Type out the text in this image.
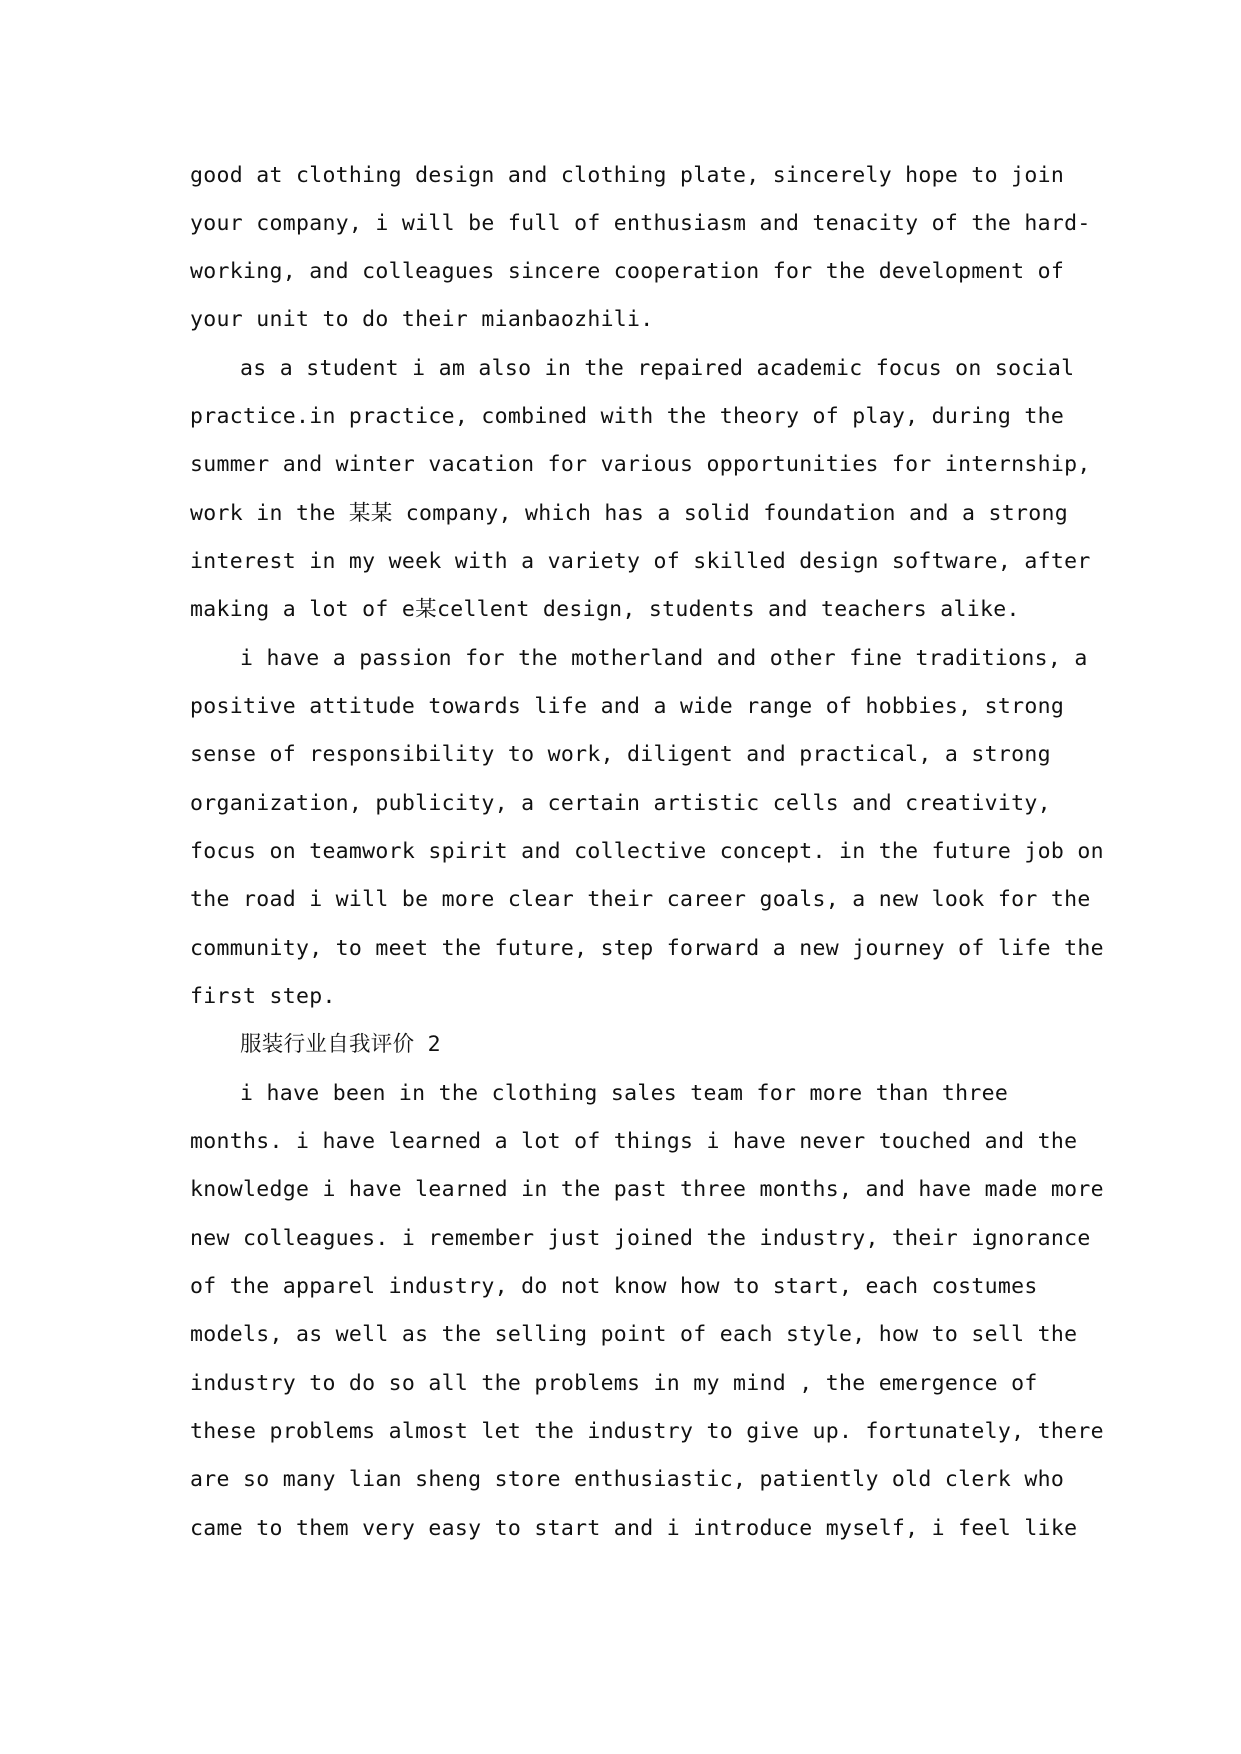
good at clothing design and clothing plate, sincerely hope to join
your company, i will be full of enthusiasm and tenacity of the hard-
working, and colleagues sincere cooperation for the development of
your unit to do their mianbaozhili.
as a student i am also in the repaired academic focus on social
practice.in practice, combined with the theory of play, during the
summer and winter vacation for various opportunities for internship,
work in the 某某 company, which has a solid foundation and a strong
interest in my week with a variety of skilled design software, after
making a lot of e某cellent design, students and teachers alike.
i have a passion for the motherland and other fine traditions, a
positive attitude towards life and a wide range of hobbies, strong
sense of responsibility to work, diligent and practical, a strong
organization, publicity, a certain artistic cells and creativity,
focus on teamwork spirit and collective concept. in the future job on
the road i will be more clear their career goals, a new look for the
community, to meet the future, step forward a new journey of life the
first step.
服装行业自我评价 2
i have been in the clothing sales team for more than three
months. i have learned a lot of things i have never touched and the
knowledge i have learned in the past three months, and have made more
new colleagues. i remember just joined the industry, their ignorance
of the apparel industry, do not know how to start, each costumes
models, as well as the selling point of each style, how to sell the
industry to do so all the problems in my mind , the emergence of
these problems almost let the industry to give up. fortunately, there
are so many lian sheng store enthusiastic, patiently old clerk who
came to them very easy to start and i introduce myself, i feel like
